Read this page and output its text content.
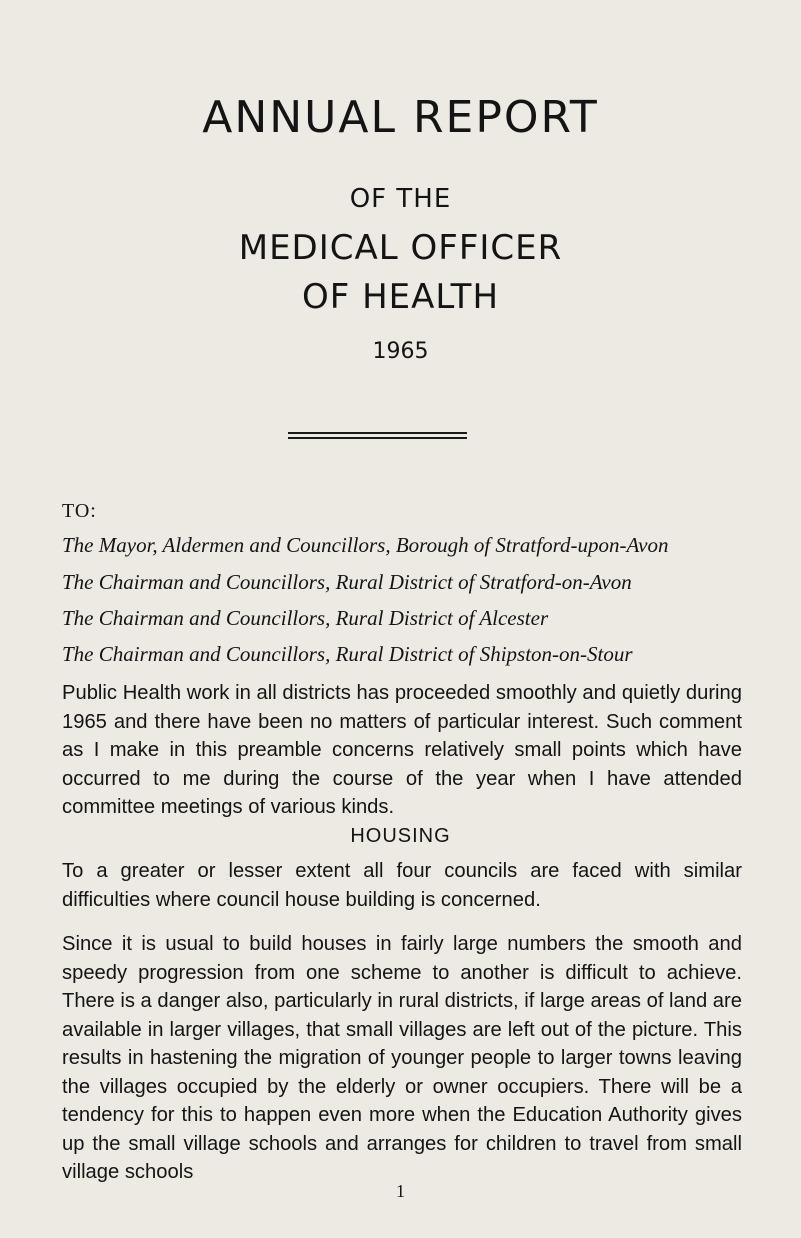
ANNUAL REPORT
OF THE
MEDICAL OFFICER
OF HEALTH
1965
TO:
The Mayor, Aldermen and Councillors, Borough of Stratford-upon-Avon
The Chairman and Councillors, Rural District of Stratford-on-Avon
The Chairman and Councillors, Rural District of Alcester
The Chairman and Councillors, Rural District of Shipston-on-Stour
Public Health work in all districts has proceeded smoothly and quietly during 1965 and there have been no matters of particular interest. Such comment as I make in this preamble concerns relatively small points which have occurred to me during the course of the year when I have attended committee meetings of various kinds.
HOUSING
To a greater or lesser extent all four councils are faced with similar difficulties where council house building is concerned.
Since it is usual to build houses in fairly large numbers the smooth and speedy progression from one scheme to another is difficult to achieve. There is a danger also, particularly in rural districts, if large areas of land are available in larger villages, that small villages are left out of the picture. This results in hastening the migration of younger people to larger towns leaving the villages occupied by the elderly or owner occupiers. There will be a tendency for this to happen even more when the Education Authority gives up the small village schools and arranges for children to travel from small village schools
1
